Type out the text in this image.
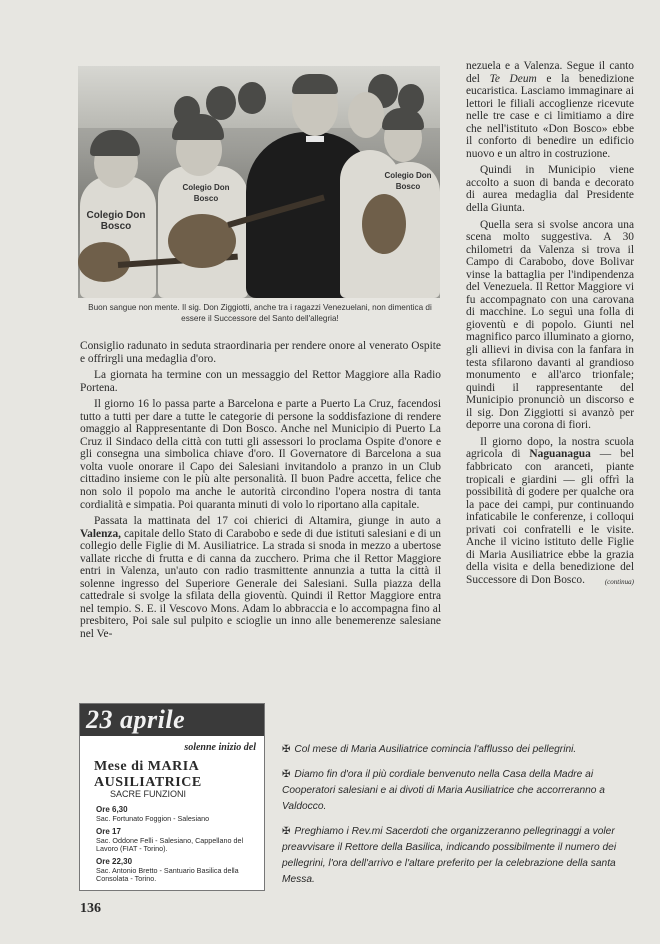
Colegio Don Bosco
Colegio Don Bosco
Colegio Don Bosco
Buon sangue non mente. Il sig. Don Ziggiotti, anche tra i ragazzi Venezuelani, non dimentica di essere il Successore del Santo dell'allegria!

Consiglio radunato in seduta straordinaria per rendere onore al venerato Ospite e offrirgli una medaglia d'oro.

La giornata ha termine con un messaggio del Rettor Maggiore alla Radio Portena.

Il giorno 16 lo passa parte a Barcelona e parte a Puerto La Cruz, facendosi tutto a tutti per dare a tutte le categorie di persone la soddisfazione di rendere omaggio al Rappresentante di Don Bosco. Anche nel Municipio di Puerto La Cruz il Sindaco della città con tutti gli assessori lo proclama Ospite d'onore e gli consegna una simbolica chiave d'oro. Il Governatore di Barcelona a sua volta vuole onorare il Capo dei Salesiani invitandolo a pranzo in un Club cittadino insieme con le più alte personalità. Il buon Padre accetta, felice che non solo il popolo ma anche le autorità circondino l'opera nostra di tanta cordialità e simpatia. Poi quaranta minuti di volo lo riportano alla capitale.

Passata la mattinata del 17 coi chierici di Altamira, giunge in auto a Valenza, capitale dello Stato di Carabobo e sede di due istituti salesiani e di un collegio delle Figlie di M. Ausiliatrice. La strada si snoda in mezzo a ubertose vallate ricche di frutta e di canna da zucchero. Prima che il Rettor Maggiore entri in Valenza, un'auto con radio trasmittente annunzia a tutta la città il solenne ingresso del Superiore Generale dei Salesiani. Sulla piazza della cattedrale si svolge la sfilata della gioventù. Quindi il Rettor Maggiore entra nel tempio. S. E. il Vescovo Mons. Adam lo abbraccia e lo accompagna fino al presbitero, Poi sale sul pulpito e scioglie un inno alle benemerenze salesiane nel Ve-

nezuela e a Valenza. Segue il canto del Te Deum e la benedizione eucaristica. Lasciamo immaginare ai lettori le filiali accoglienze ricevute nelle tre case e ci limitiamo a dire che nell'istituto «Don Bosco» ebbe il conforto di benedire un edificio nuovo e un altro in costruzione.

Quindi in Municipio viene accolto a suon di banda e decorato di aurea medaglia dal Presidente della Giunta.

Quella sera si svolse ancora una scena molto suggestiva. A 30 chilometri da Valenza si trova il Campo di Carabobo, dove Bolivar vinse la battaglia per l'indipendenza del Venezuela. Il Rettor Maggiore vi fu accompagnato con una carovana di macchine. Lo seguì una folla di gioventù e di popolo. Giunti nel magnifico parco illuminato a giorno, gli allievi in divisa con la fanfara in testa sfilarono davanti al grandioso monumento e all'arco trionfale; quindi il rappresentante del Municipio pronunciò un discorso e il sig. Don Ziggiotti si avanzò per deporre una corona di fiori.

Il giorno dopo, la nostra scuola agricola di Naguanagua — bel fabbricato con aranceti, piante tropicali e giardini — gli offrì la possibilità di godere per qualche ora la pace dei campi, pur continuando infaticabile le conferenze, i colloqui privati coi confratelli e le visite. Anche il vicino istituto delle Figlie di Maria Ausiliatrice ebbe la grazia della visita e della benedizione del Successore di Don Bosco.	(continua)

23 aprile
solenne inizio del
Mese di MARIA AUSILIATRICE
SACRE FUNZIONI
Ore 6,30
Sac. Fortunato Foggion - Salesiano
Ore 17
Sac. Oddone Felli - Salesiano, Cappellano del Lavoro (FIAT - Torino).
Ore 22,30
Sac. Antonio Bretto - Santuario Basilica della Consolata - Torino.
✠ Col mese di Maria Ausiliatrice comincia l'afflusso dei pellegrini.
✠ Diamo fin d'ora il più cordiale benvenuto nella Casa della Madre ai Cooperatori salesiani e ai divoti di Maria Ausiliatrice che accorreranno a Valdocco.
✠ Preghiamo i Rev.mi Sacerdoti che organizzeranno pellegrinaggi a voler preavvisare il Rettore della Basilica, indicando possibilmente il numero dei pellegrini, l'ora dell'arrivo e l'altare preferito per la celebrazione della santa Messa.
136
